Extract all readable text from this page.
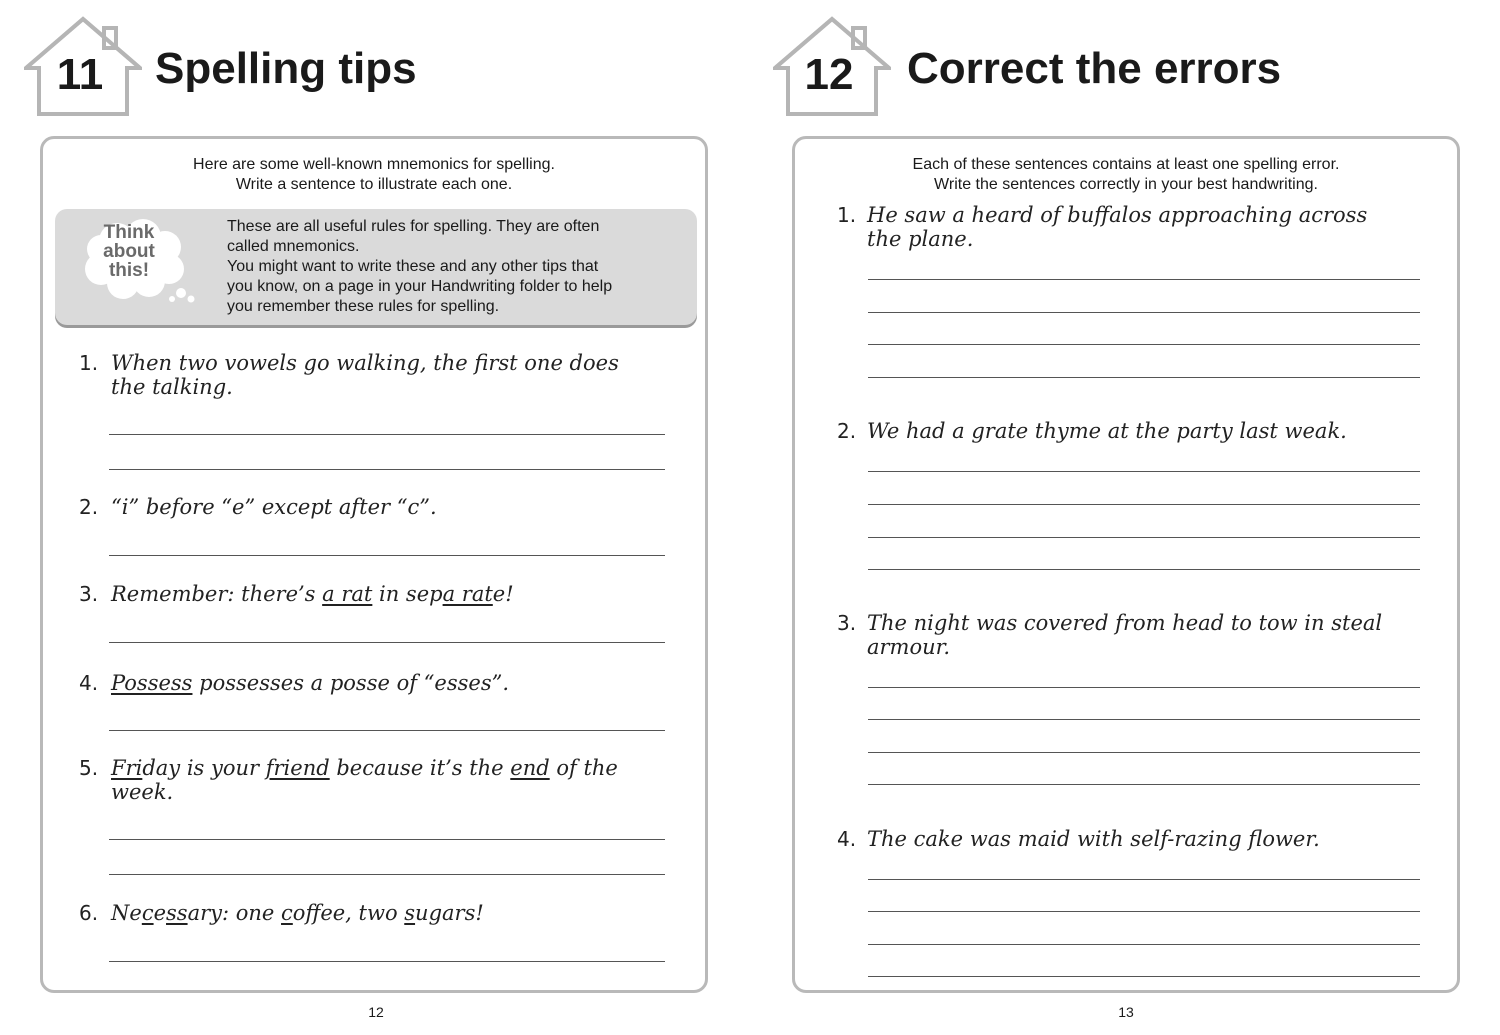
11	Spelling tips	12	Correct the errors
Here are some well-known mnemonics for spelling.
Write a sentence to illustrate each one.
Think
about
this!
These are all useful rules for spelling. They are often
called mnemonics.
You might want to write these and any other tips that
you know, on a page in your Handwriting folder to help
you remember these rules for spelling.
1. When two vowels go walking, the first one does
the talking.
2. “i” before “e” except after “c”.
3. Remember: there’s a rat in sepa rate!
4. Possess possesses a posse of “esses”.
5. Friday is your friend because it’s the end of the
week.
6. Necessary: one coffee, two sugars!
Each of these sentences contains at least one spelling error.
Write the sentences correctly in your best handwriting.
1. He saw a heard of buffalos approaching across
the plane.
2. We had a grate thyme at the party last weak.
3. The night was covered from head to tow in steal
armour.
4. The cake was maid with self-razing flower.
12	13
